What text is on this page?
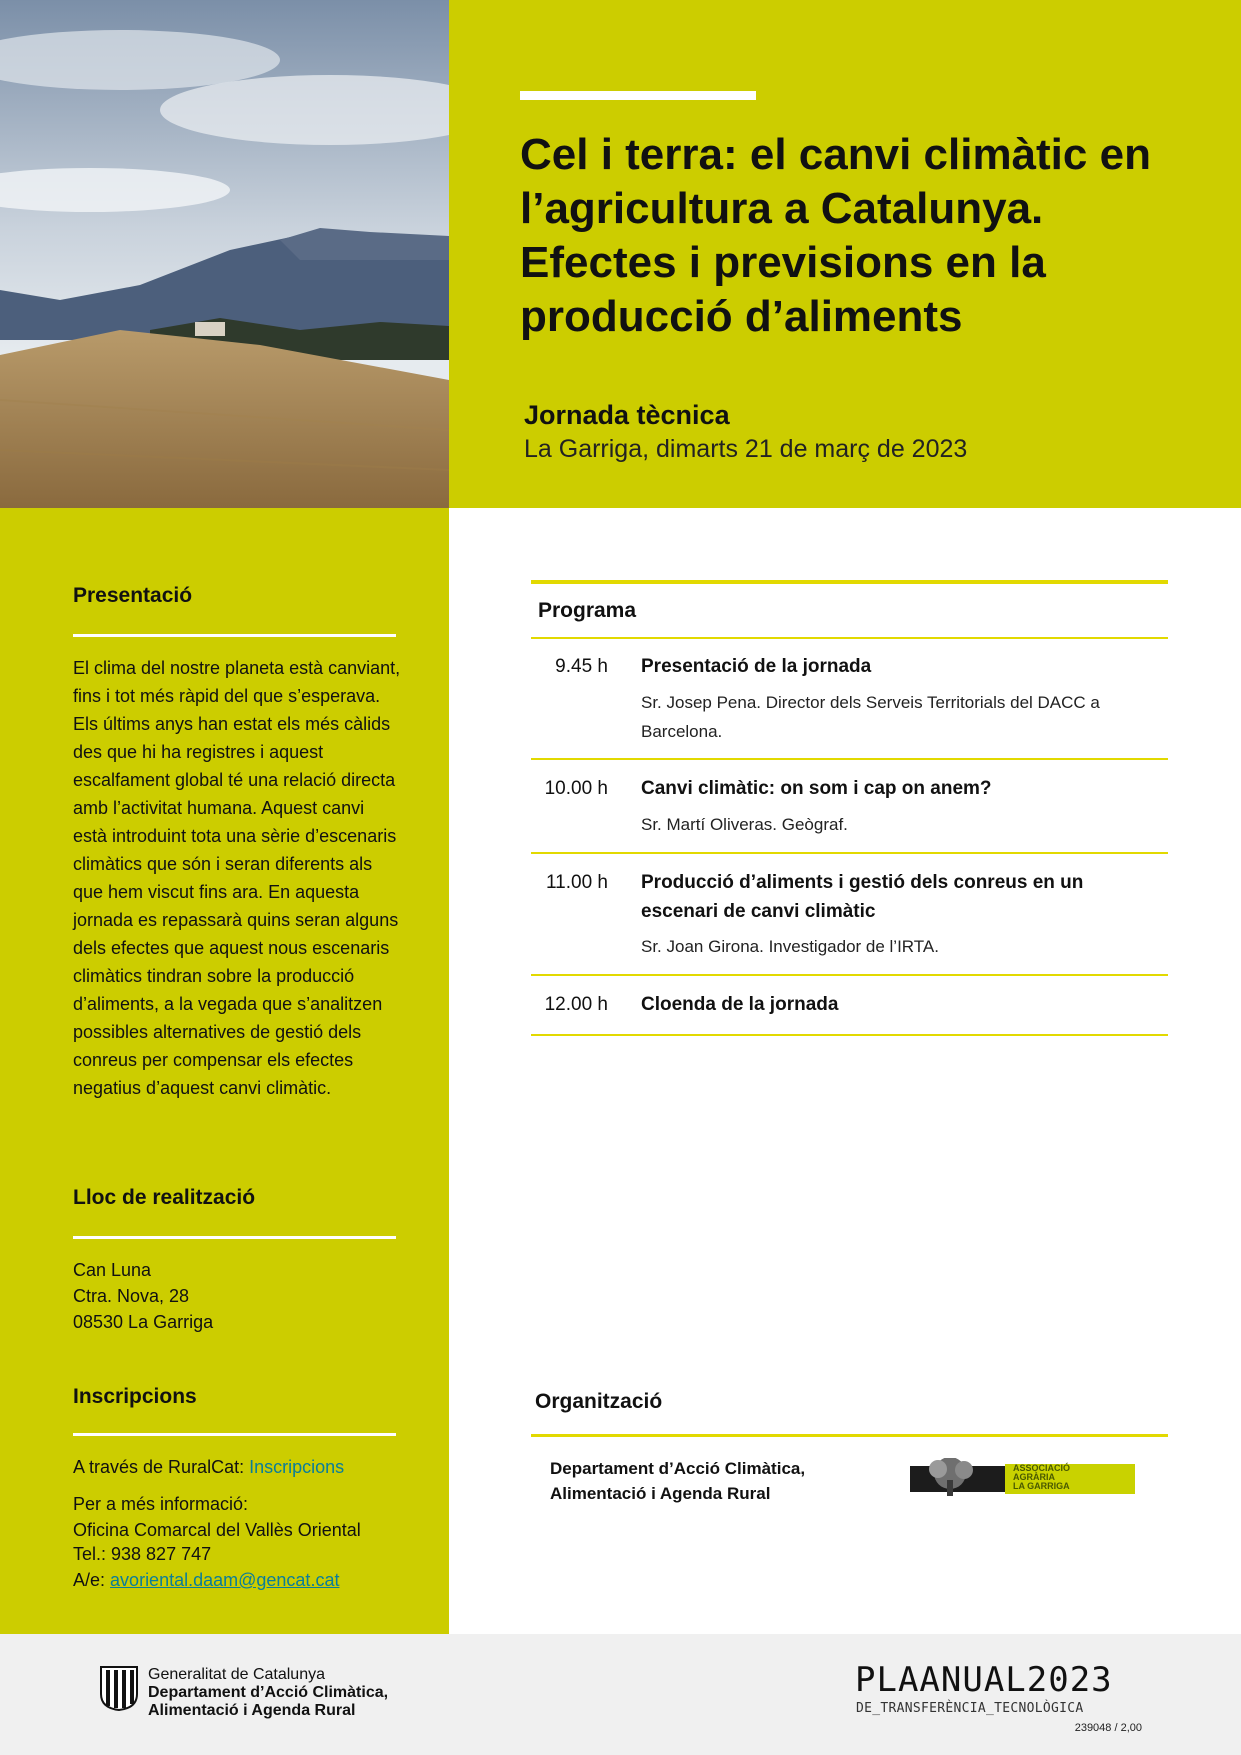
Cel i terra: el canvi climàtic en l’agricultura a Catalunya. Efectes i previsions en la producció d’aliments
Jornada tècnica
La Garriga, dimarts 21 de març de 2023
Presentació
El clima del nostre planeta està canviant, fins i tot més ràpid del que s’esperava. Els últims anys han estat els més càlids des que hi ha registres i aquest escalfament global té una relació directa amb l’activitat humana. Aquest canvi està introduint tota una sèrie d’escenaris climàtics que són i seran diferents als que hem viscut fins ara. En aquesta jornada es repassarà quins seran alguns dels efectes que aquest nous escenaris climàtics tindran sobre la producció d’aliments, a la vegada que s’analitzen possibles alternatives de gestió dels conreus per compensar els efectes negatius d’aquest canvi climàtic.
Lloc de realització
Can Luna
Ctra. Nova, 28
08530 La Garriga
Inscripcions
A través de RuralCat: Inscripcions
Per a més informació:
Oficina Comarcal del Vallès Oriental
Tel.: 938 827 747
A/e: avoriental.daam@gencat.cat
Programa
9.45 h Presentació de la jornada
Sr. Josep Pena. Director dels Serveis Territorials del DACC a Barcelona.
10.00 h Canvi climàtic: on som i cap on anem?
Sr. Martí Oliveras. Geògraf.
11.00 h Producció d’aliments i gestió dels conreus en un escenari de canvi climàtic
Sr. Joan Girona. Investigador de l’IRTA.
12.00 h Cloenda de la jornada
Organització
Departament d’Acció Climàtica, Alimentació i Agenda Rural
ASSOCIACIÓ
AGRÀRIA
LA GARRIGA
Generalitat de Catalunya
Departament d’Acció Climàtica,
Alimentació i Agenda Rural
PLAANUAL2023
DE_TRANSFERÈNCIA_TECNOLÒGICA
239048 / 2,00
